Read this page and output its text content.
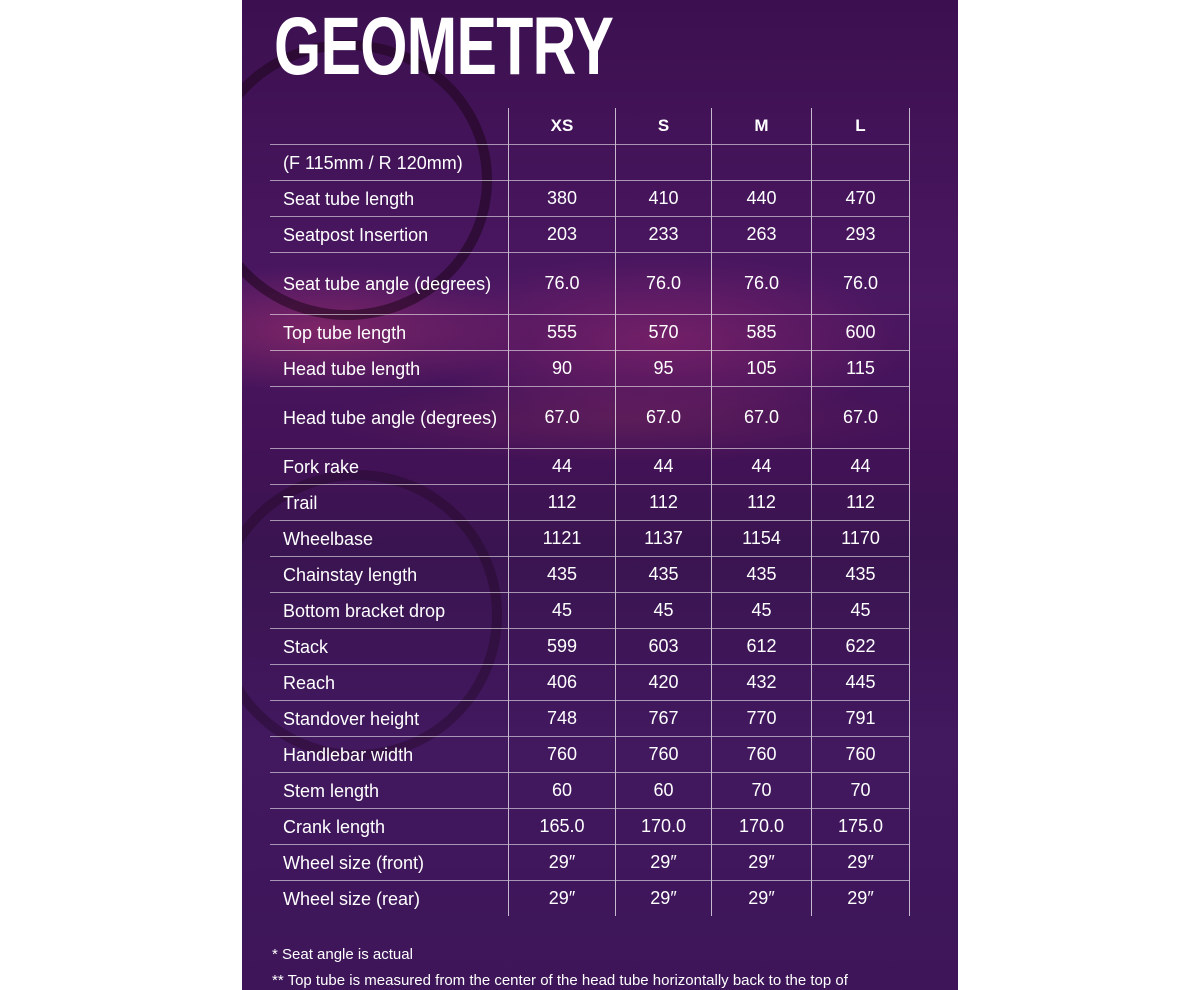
GEOMETRY
	XS	S	M	L
(F 115mm / R 120mm)				
Seat tube length	380	410	440	470
Seatpost Insertion	203	233	263	293
Seat tube angle (degrees)	76.0	76.0	76.0	76.0
Top tube length	555	570	585	600
Head tube length	90	95	105	115
Head tube angle (degrees)	67.0	67.0	67.0	67.0
Fork rake	44	44	44	44
Trail	112	112	112	112
Wheelbase	1121	1137	1154	1170
Chainstay length	435	435	435	435
Bottom bracket drop	45	45	45	45
Stack	599	603	612	622
Reach	406	420	432	445
Standover height	748	767	770	791
Handlebar width	760	760	760	760
Stem length	60	60	70	70
Crank length	165.0	170.0	170.0	175.0
Wheel size (front)	29″	29″	29″	29″
Wheel size (rear)	29″	29″	29″	29″
* Seat angle is actual
** Top tube is measured from the center of the head tube horizontally back to the top of
